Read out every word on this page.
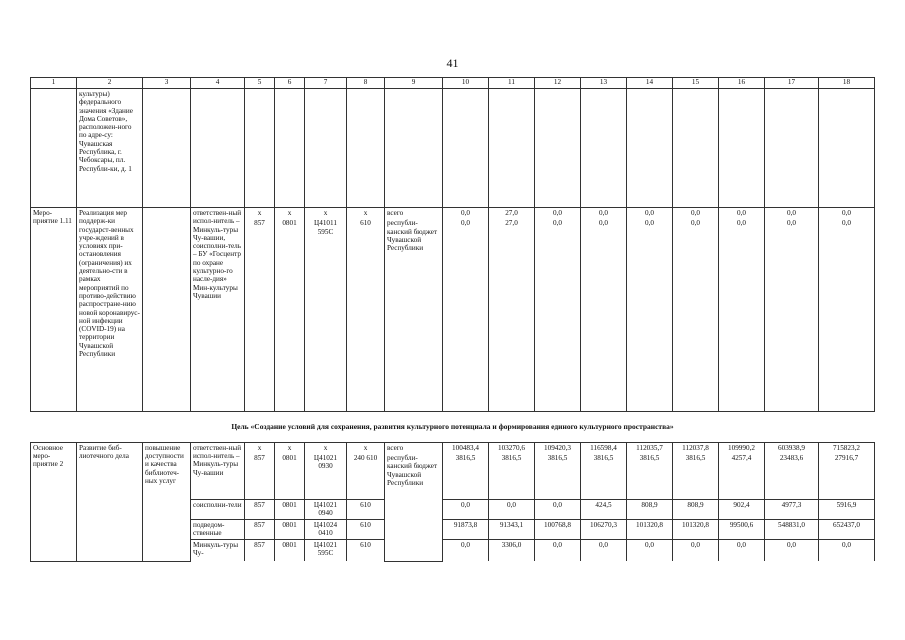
41
1	2	3	4	5	6	7	8	9	10	11	12	13	14	15	16	17	18
	культуры) федерального значения «Здание Дома Советов», расположен-ного по адре-су: Чувашская Республика, г. Чебоксары, пл. Республи-ки, д. 1																
Меро-приятие 1.11	Реализация мер поддерж-ки государст-венных учре-ждений в условиях при-остановления (ограничения) их деятельно-сти в рамках мероприятий по противо-действию распростране-нию новой коронавирус-ной инфекции (COVID-19) на территории Чувашской Республики		ответствен-ный испол-нитель – Минкуль-туры Чу-вашии, соисполни-тель – БУ «Госцентр по охране культурно-го насле-дия» Мин-культуры Чувашии	x	x	x	x	всего	0,0	27,0	0,0	0,0	0,0	0,0	0,0	0,0	0,0
				857	0801	Ц41011 595С	610	республи-канский бюджет Чувашской Республики	0,0	27,0	0,0	0,0	0,0	0,0	0,0	0,0	0,0
Цель «Создание условий для сохранения, развития культурного потенциала и формирования единого культурного пространства»																	
Основное меро-приятие 2	Развитие биб-лиотечного дела	повышение доступности и качества библиотеч-ных услуг	ответствен-ный испол-нитель – Минкуль-туры Чу-вашии	x	x	x	x	всего	100483,4	103270,6	109420,3	116598,4	112035,7	112037,8	109990,2	603938,9	715823,2
				857	0801	Ц41021 0930	240 610	республи-канский бюджет Чувашской Республики	3816,5	3816,5	3816,5	3816,5	3816,5	3816,5	4257,4	23483,6	27916,7
			соисполни-тели	857	0801	Ц41021 0940	610		0,0	0,0	0,0	424,5	808,9	808,9	902,4	4977,3	5916,9
			подведом-ственные	857	0801	Ц41024 0410	610		91873,8	91343,1	100768,8	106270,3	101320,8	101320,8	99500,6	548831,0	652437,0
			Минкуль-туры Чу-	857	0801	Ц41021 595С	610		0,0	3306,0	0,0	0,0	0,0	0,0	0,0	0,0	0,0
